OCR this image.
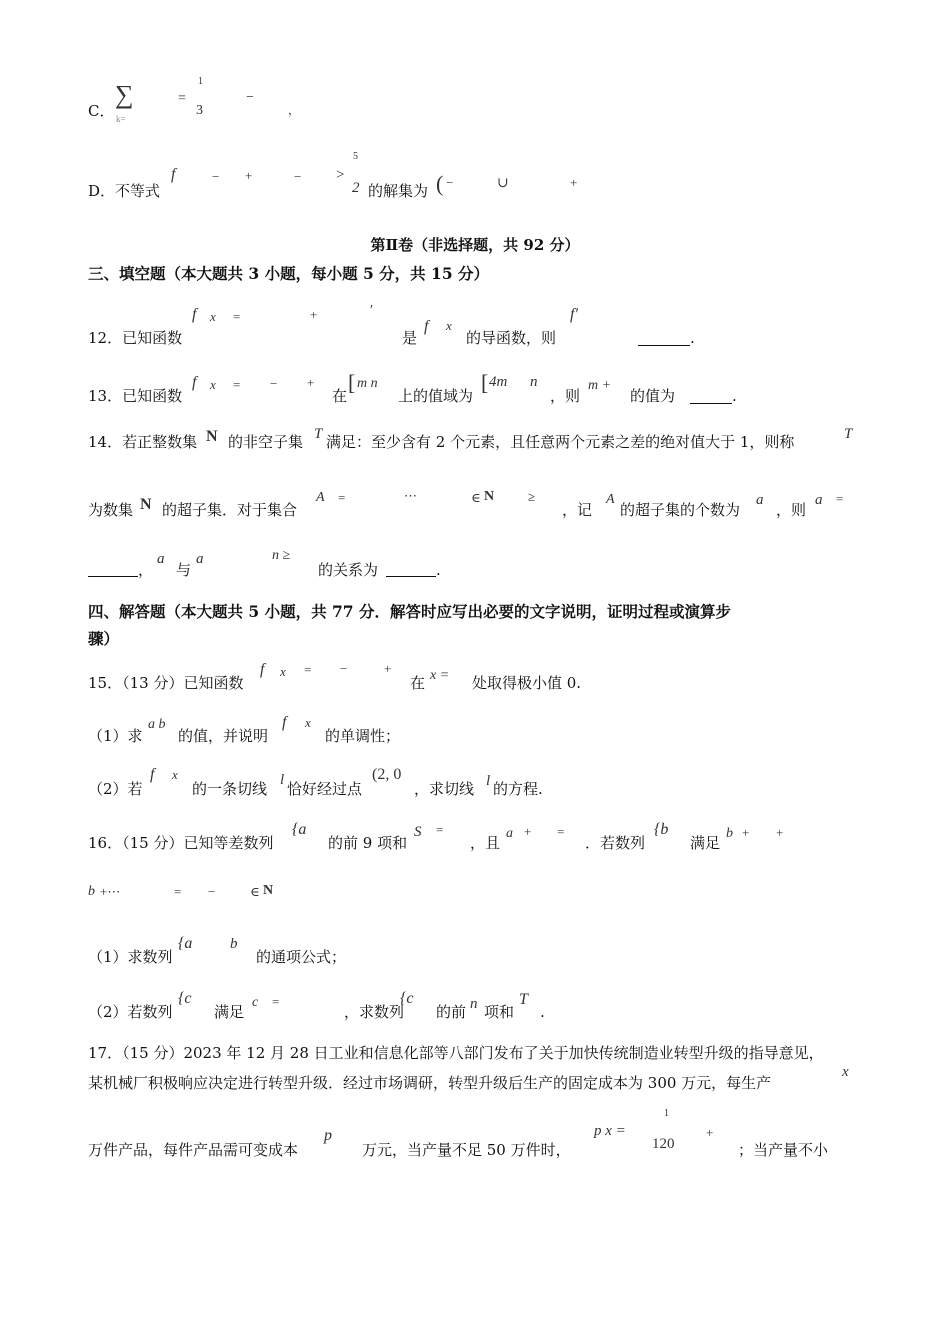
C．
∑
k=
=
1
3
−
，
D．不等式
f	− +	− >
5
2 的解集为 ( −	∪	+
第Ⅱ卷（非选择题，共 92 分）
三、填空题（本大题共 3 小题，每小题 5 分，共 15 分）
12．已知函数
f x =	+	′
是
f x
的导函数，则
f′
.
13．已知函数
f x = − +
在
[ m n
上的值域为
[ 4m n
，则
m +
的值为	.
14．若正整数集 N 的非空子集 T 满足：至少含有 2 个元素，且任意两个元素之差的绝对值大于 1，则称	T
为数集 N 的超子集．对于集合
A =	⋯	∈ N	≥
，记
A
的超子集的个数为
a
，则
a =
，
a
与
a	n ≥
的关系为	.
四、解答题（本大题共 5 小题，共 77 分．解答时应写出必要的文字说明，证明过程或演算步
骤）
15．（13 分）已知函数
f x = −	+
在 x = 处取得极小值 0.
（1）求
a b
的值，并说明
f x
的单调性；
（2）若
f x
的一条切线 l 恰好经过点
(2, 0
，求切线 l 的方程.
16．（15 分）已知等差数列
{a
的前 9 项和
S =
，且
a + =
．若数列
{b
满足
b + +
b +⋯	= −	∈ N
（1）求数列
{a	b
的通项公式；
（2）若数列
{c
满足
c =
，求数列
{c
的前 n 项和
T
.
17．（15 分）2023 年 12 月 28 日工业和信息化部等八部门发布了关于加快传统制造业转型升级的指导意见，
某机械厂积极响应决定进行转型升级．经过市场调研，转型升级后生产的固定成本为 300 万元，每生产
x
万件产品，每件产品需可变成本
p
万元，当产量不足 50 万件时，
p x =
1
120
+
；当产量不小
